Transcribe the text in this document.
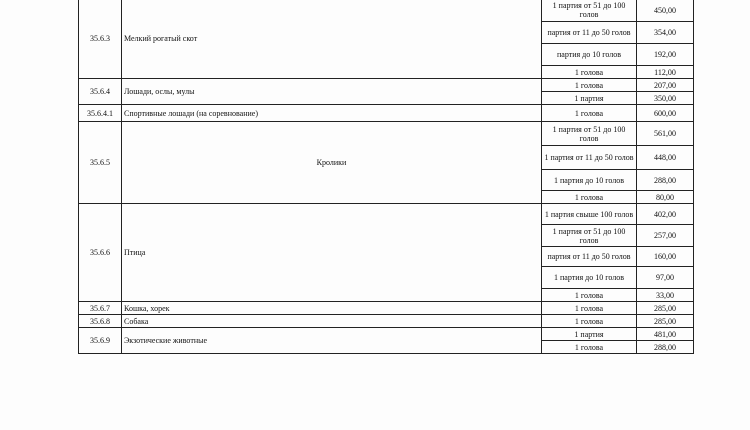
35.6.3	Мелкий рогатый скот	1 партия от 51 до 100 голов	450,00
		партия от 11 до 50 голов	354,00
		партия до 10 голов	192,00
		1 голова	112,00
35.6.4	Лошади, ослы, мулы	1 голова	207,00
		1 партия	350,00
35.6.4.1	Спортивные лошади (на соревнование)	1 голова	600,00
35.6.5	Кролики	1 партия от 51 до 100 голов	561,00
		1 партия от 11 до 50 голов	448,00
		1 партия до 10 голов	288,00
		1 голова	80,00
35.6.6	Птица	1 партия свыше 100 голов	402,00
		1 партия от 51 до 100 голов	257,00
		партия от 11 до 50 голов	160,00
		1 партия до 10 голов	97,00
		1 голова	33,00
35.6.7	Кошка, хорек	1 голова	285,00
35.6.8	Собака	1 голова	285,00
35.6.9	Экзотические животные	1 партия	481,00
		1 голова	288,00
